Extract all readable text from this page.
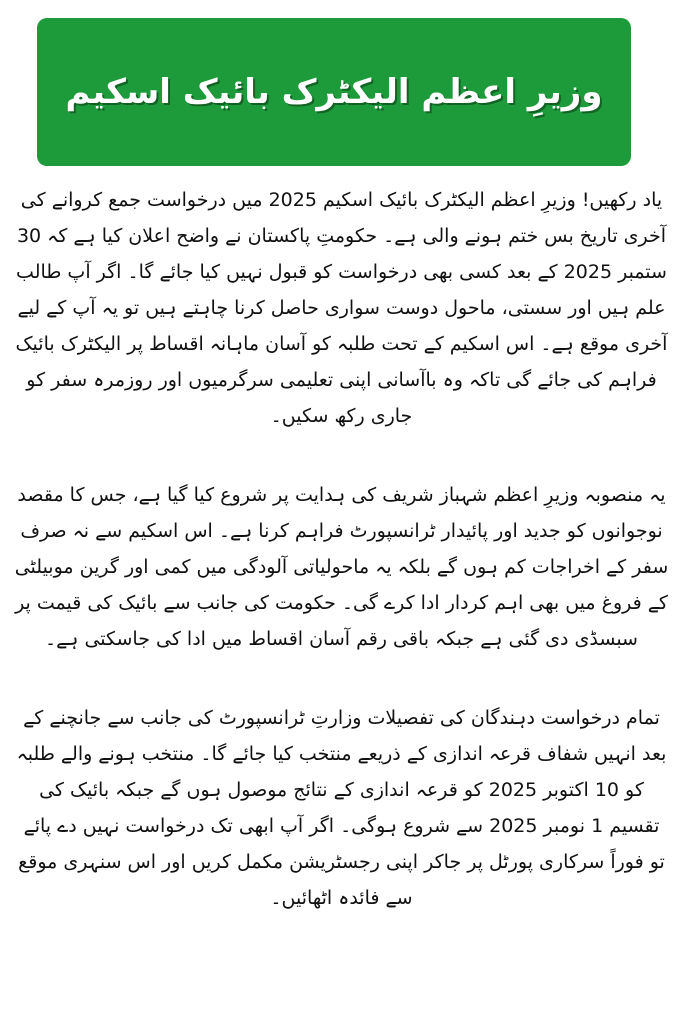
وزیرِ اعظم الیکٹرک بائیک اسکیم

یاد رکھیں! وزیرِ اعظم الیکٹرک بائیک اسکیم 2025 میں درخواست جمع کروانے کی آخری تاریخ بس ختم ہونے والی ہے۔ حکومتِ پاکستان نے واضح اعلان کیا ہے کہ 30 ستمبر 2025 کے بعد کسی بھی درخواست کو قبول نہیں کیا جائے گا۔ اگر آپ طالب علم ہیں اور سستی، ماحول دوست سواری حاصل کرنا چاہتے ہیں تو یہ آپ کے لیے آخری موقع ہے۔ اس اسکیم کے تحت طلبہ کو آسان ماہانہ اقساط پر الیکٹرک بائیک فراہم کی جائے گی تاکہ وہ باآسانی اپنی تعلیمی سرگرمیوں اور روزمرہ سفر کو جاری رکھ سکیں۔

یہ منصوبہ وزیرِ اعظم شہباز شریف کی ہدایت پر شروع کیا گیا ہے، جس کا مقصد نوجوانوں کو جدید اور پائیدار ٹرانسپورٹ فراہم کرنا ہے۔ اس اسکیم سے نہ صرف سفر کے اخراجات کم ہوں گے بلکہ یہ ماحولیاتی آلودگی میں کمی اور گرین موبیلٹی کے فروغ میں بھی اہم کردار ادا کرے گی۔ حکومت کی جانب سے بائیک کی قیمت پر سبسڈی دی گئی ہے جبکہ باقی رقم آسان اقساط میں ادا کی جاسکتی ہے۔

تمام درخواست دہندگان کی تفصیلات وزارتِ ٹرانسپورٹ کی جانب سے جانچنے کے بعد انہیں شفاف قرعہ اندازی کے ذریعے منتخب کیا جائے گا۔ منتخب ہونے والے طلبہ کو 10 اکتوبر 2025 کو قرعہ اندازی کے نتائج موصول ہوں گے جبکہ بائیک کی تقسیم 1 نومبر 2025 سے شروع ہوگی۔ اگر آپ ابھی تک درخواست نہیں دے پائے تو فوراً سرکاری پورٹل پر جاکر اپنی رجسٹریشن مکمل کریں اور اس سنہری موقع سے فائدہ اٹھائیں۔
